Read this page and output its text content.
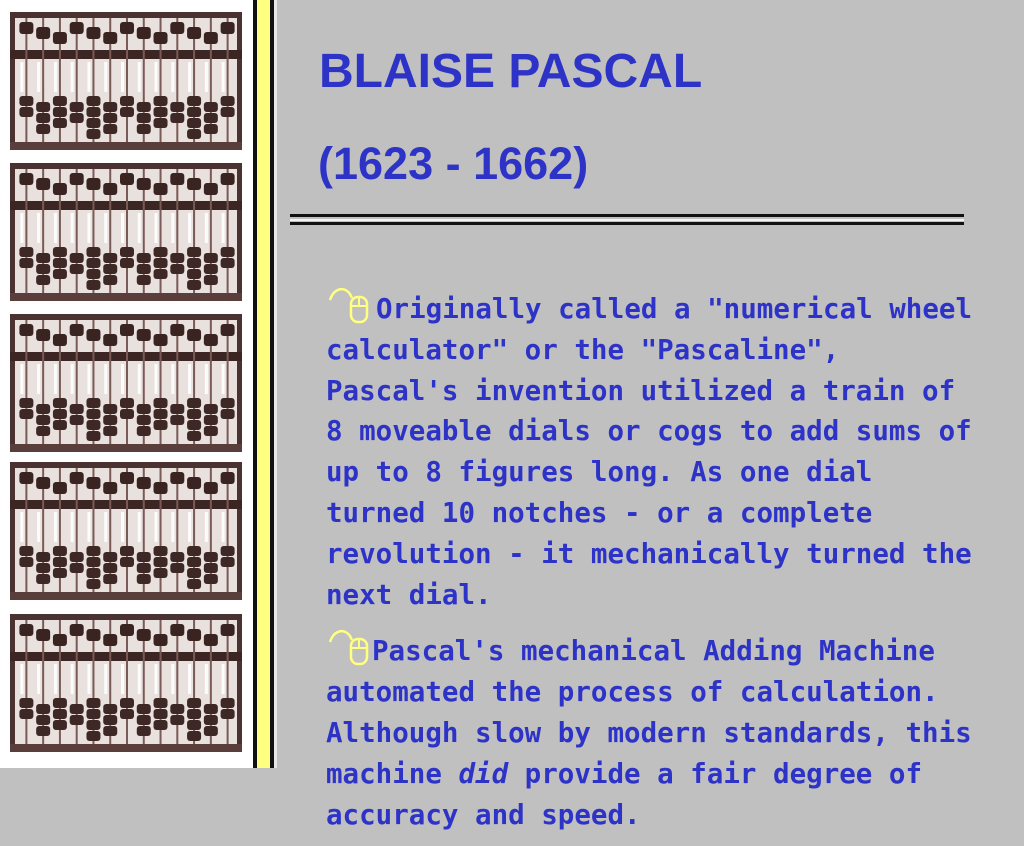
BLAISE PASCAL
(1623 - 1662)

Originally called a "numerical wheel calculator" or the "Pascaline", Pascal's invention utilized a train of 8 moveable dials or cogs to add sums of up to 8 figures long. As one dial turned 10 notches - or a complete revolution - it mechanically turned the next dial.

Pascal's mechanical Adding Machine automated the process of calculation. Although slow by modern standards, this machine did provide a fair degree of accuracy and speed.
